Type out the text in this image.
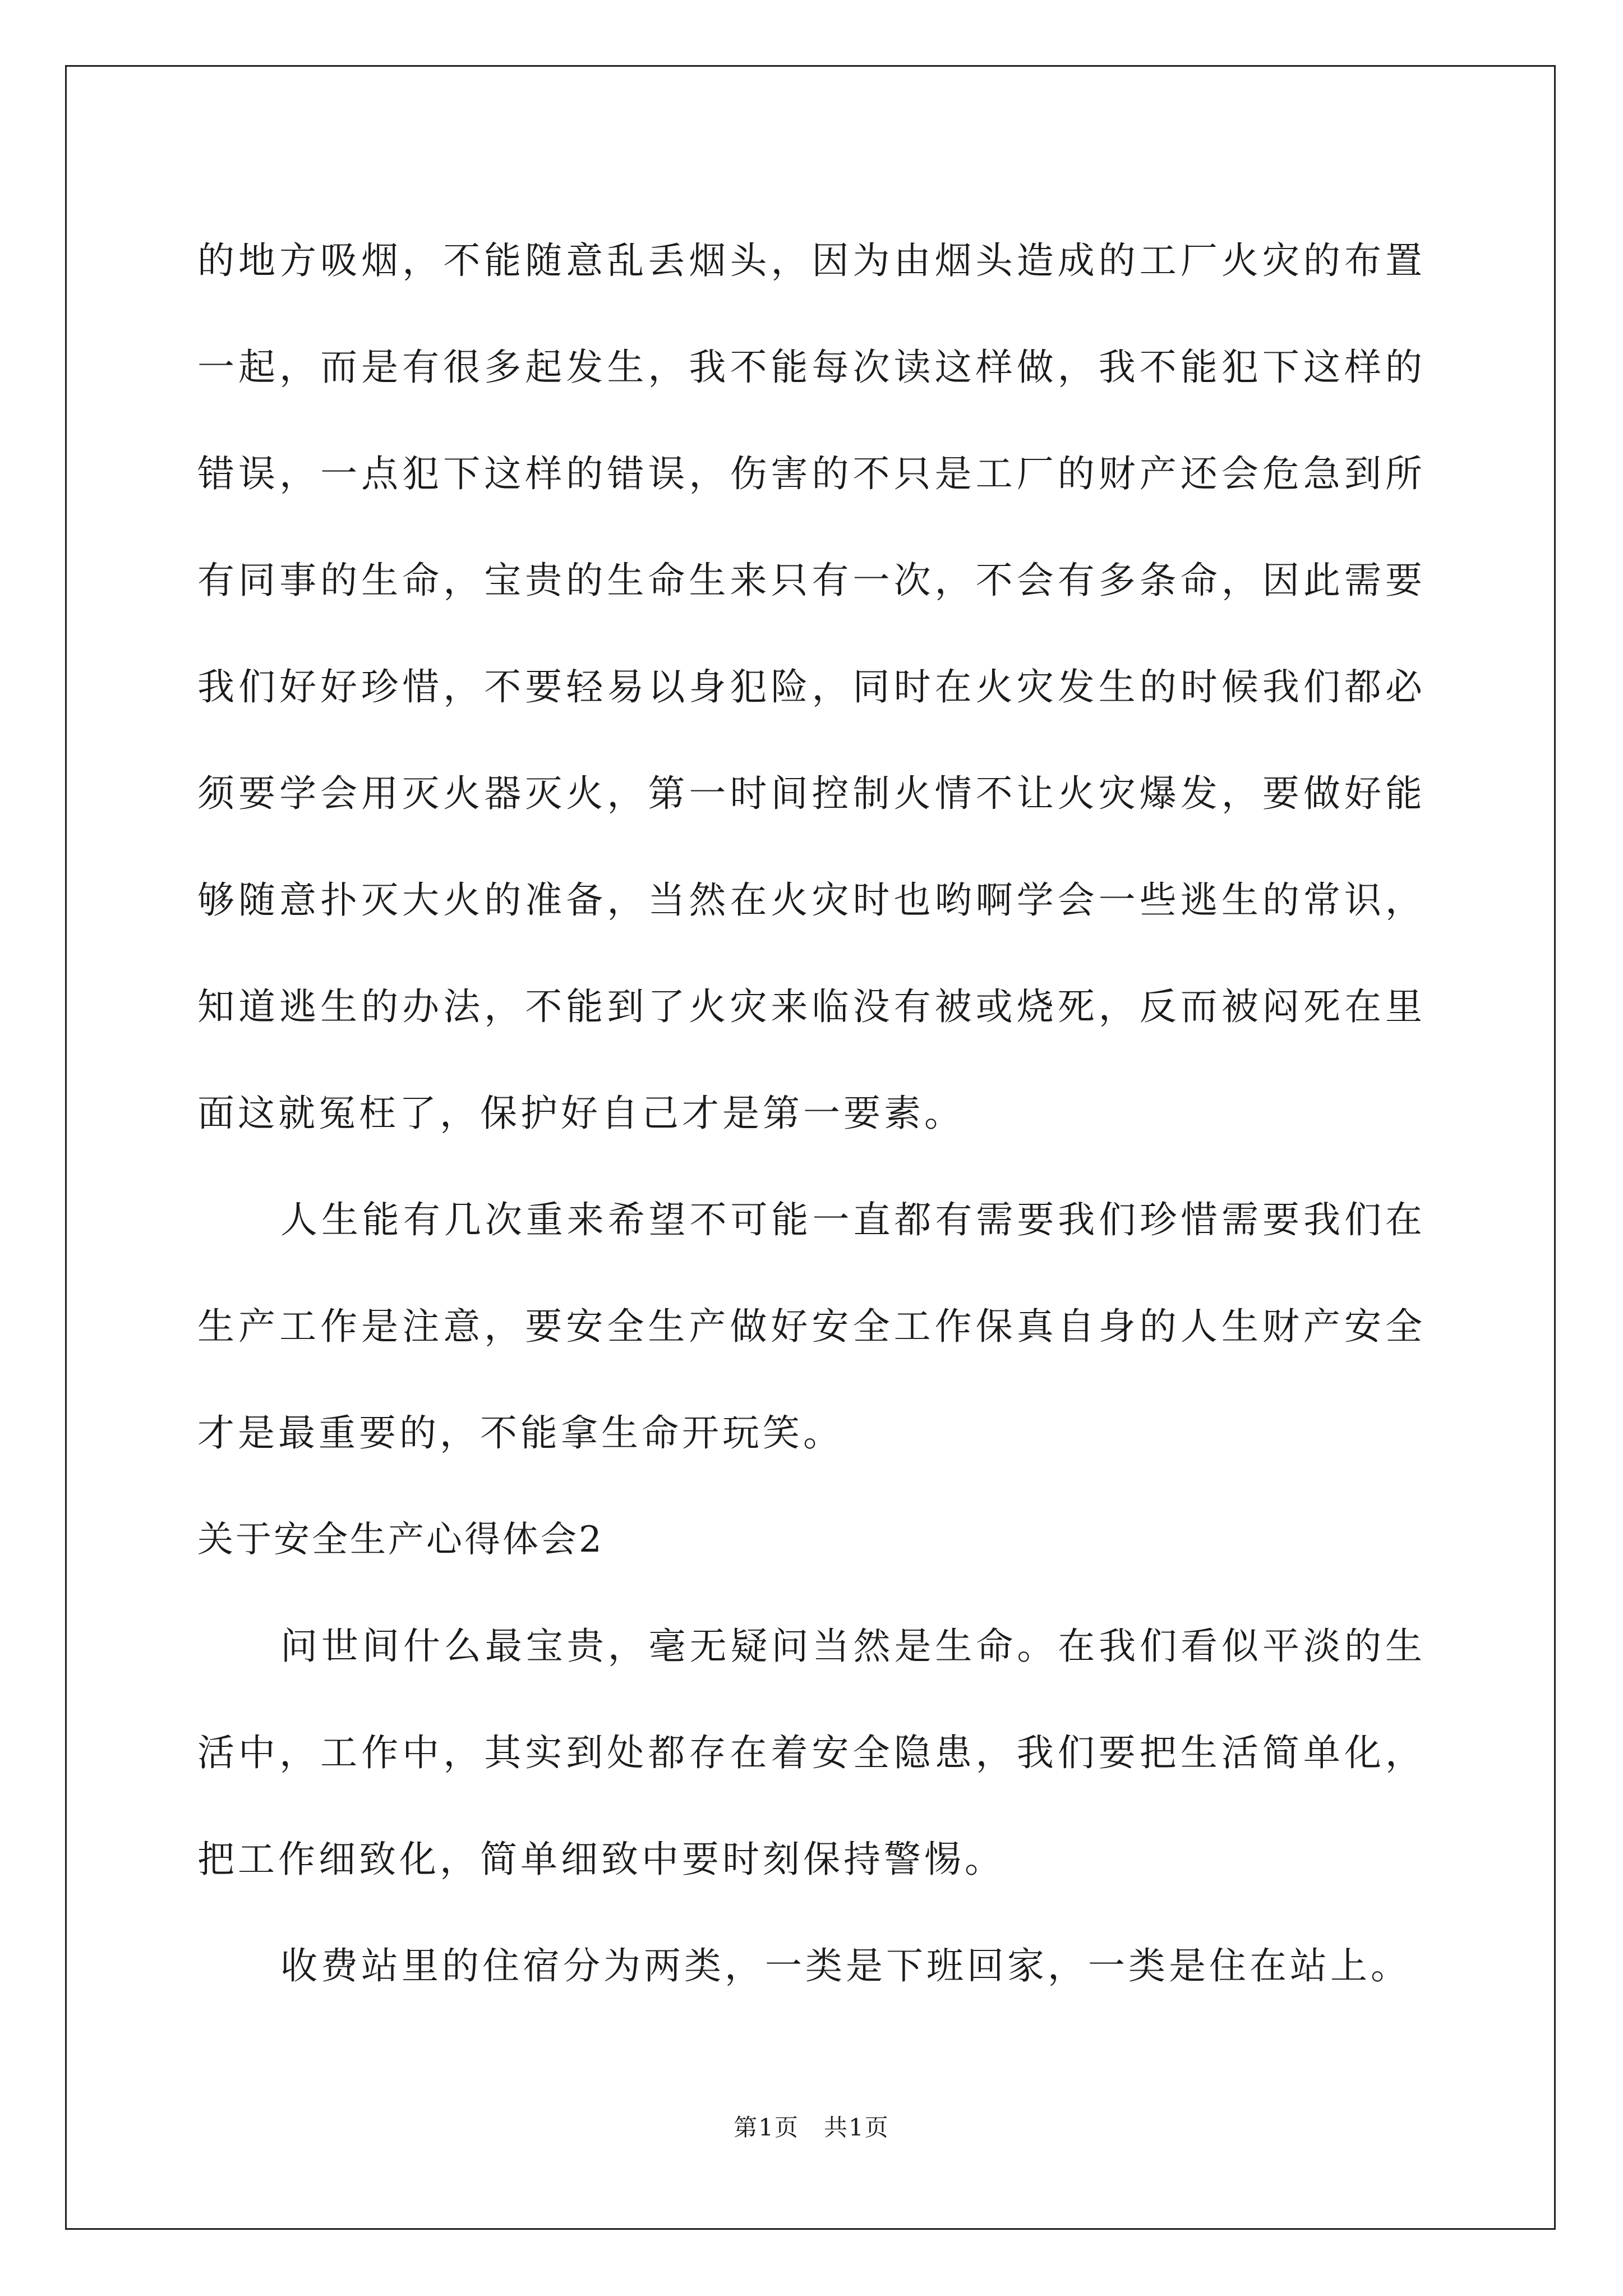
的地方吸烟，不能随意乱丢烟头，因为由烟头造成的工厂火灾的布置一起，而是有很多起发生，我不能每次读这样做，我不能犯下这样的错误，一点犯下这样的错误，伤害的不只是工厂的财产还会危急到所有同事的生命，宝贵的生命生来只有一次，不会有多条命，因此需要我们好好珍惜，不要轻易以身犯险，同时在火灾发生的时候我们都必须要学会用灭火器灭火，第一时间控制火情不让火灾爆发，要做好能够随意扑灭大火的准备，当然在火灾时也哟啊学会一些逃生的常识，知道逃生的办法，不能到了火灾来临没有被或烧死，反而被闷死在里面这就冤枉了，保护好自己才是第一要素。

人生能有几次重来希望不可能一直都有需要我们珍惜需要我们在生产工作是注意，要安全生产做好安全工作保真自身的人生财产安全才是最重要的，不能拿生命开玩笑。

关于安全生产心得体会2

问世间什么最宝贵，毫无疑问当然是生命。在我们看似平淡的生活中，工作中，其实到处都存在着安全隐患，我们要把生活简单化，把工作细致化，简单细致中要时刻保持警惕。

收费站里的住宿分为两类，一类是下班回家，一类是住在站上。

第1页　共1页
